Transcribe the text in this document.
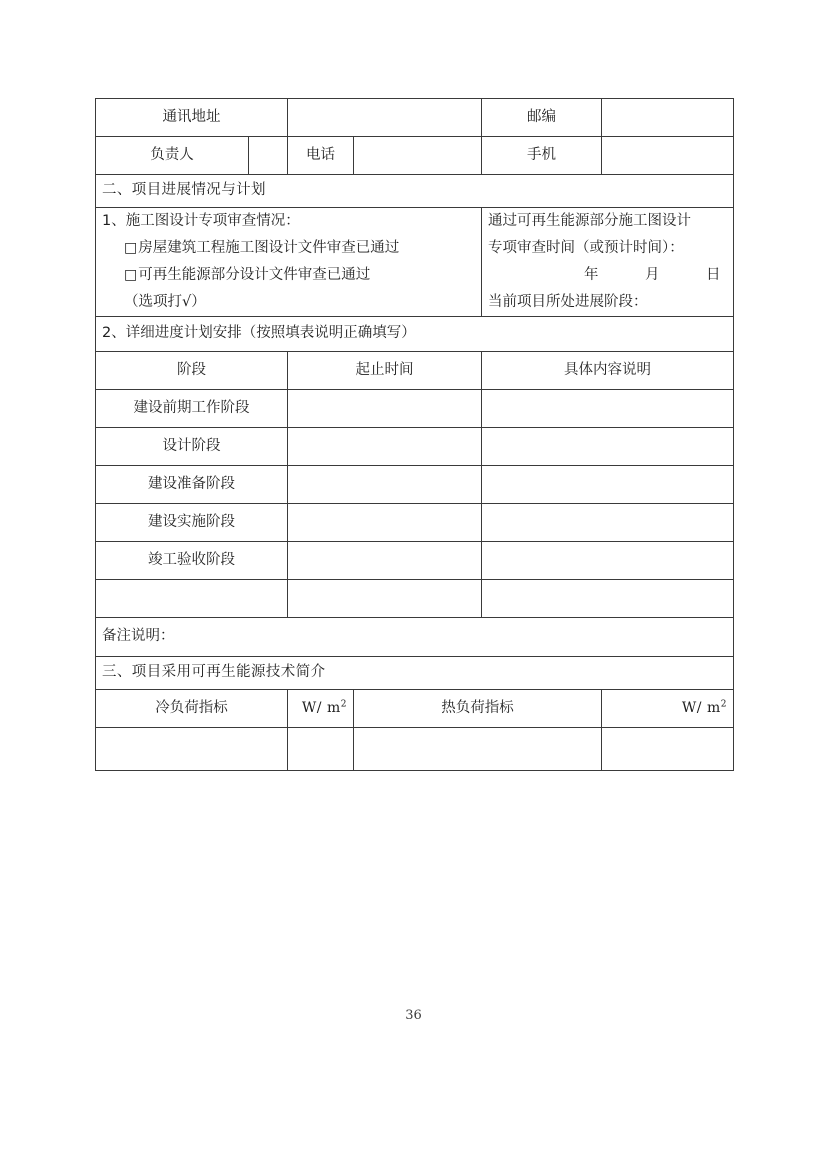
通讯地址				邮编	
负责人		电话		手机	
二、项目进展情况与计划					

1、施工图设计专项审查情况：
□房屋建筑工程施工图设计文件审查已通过
□可再生能源部分设计文件审查已通过
（选项打√）

通过可再生能源部分施工图设计
专项审查时间（或预计时间）：
年　月　日
当前项目所处进展阶段：

2、详细进度计划安排（按照填表说明正确填写）					
阶段		起止时间		具体内容说明	
建设前期工作阶段					
设计阶段					
建设准备阶段					
建设实施阶段					
竣工验收阶段					

备注说明：					
三、项目采用可再生能源技术简介					
冷负荷指标		W/ $m^2$	热负荷指标		W/ $m^2$

36
